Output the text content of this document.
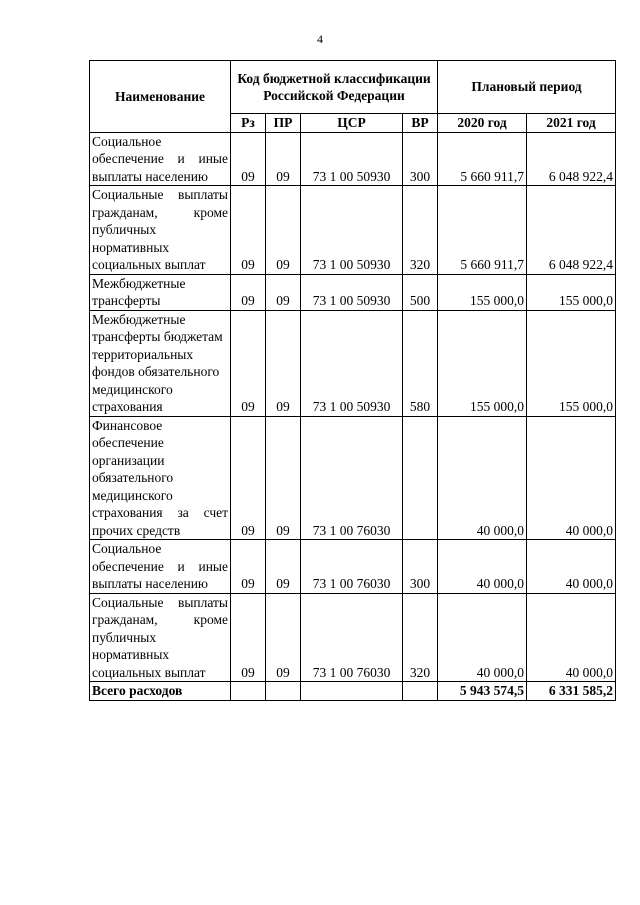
4
Наименование	Код бюджетной классификации Российской Федерации				Плановый период	
	Рз	ПР	ЦСР	ВР	2020 год	2021 год
Социальное обеспечение и иные выплаты населению	09	09	73 1 00 50930	300	5 660 911,7	6 048 922,4
Социальные выплаты гражданам, кроме публичных нормативных социальных выплат	09	09	73 1 00 50930	320	5 660 911,7	6 048 922,4
Межбюджетные трансферты	09	09	73 1 00 50930	500	155 000,0	155 000,0
Межбюджетные трансферты бюджетам территориальных фондов обязательного медицинского страхования	09	09	73 1 00 50930	580	155 000,0	155 000,0
Финансовое обеспечение организации обязательного медицинского страхования за счет прочих средств	09	09	73 1 00 76030		40 000,0	40 000,0
Социальное обеспечение и иные выплаты населению	09	09	73 1 00 76030	300	40 000,0	40 000,0
Социальные выплаты гражданам, кроме публичных нормативных социальных выплат	09	09	73 1 00 76030	320	40 000,0	40 000,0
Всего расходов					5 943 574,5	6 331 585,2
